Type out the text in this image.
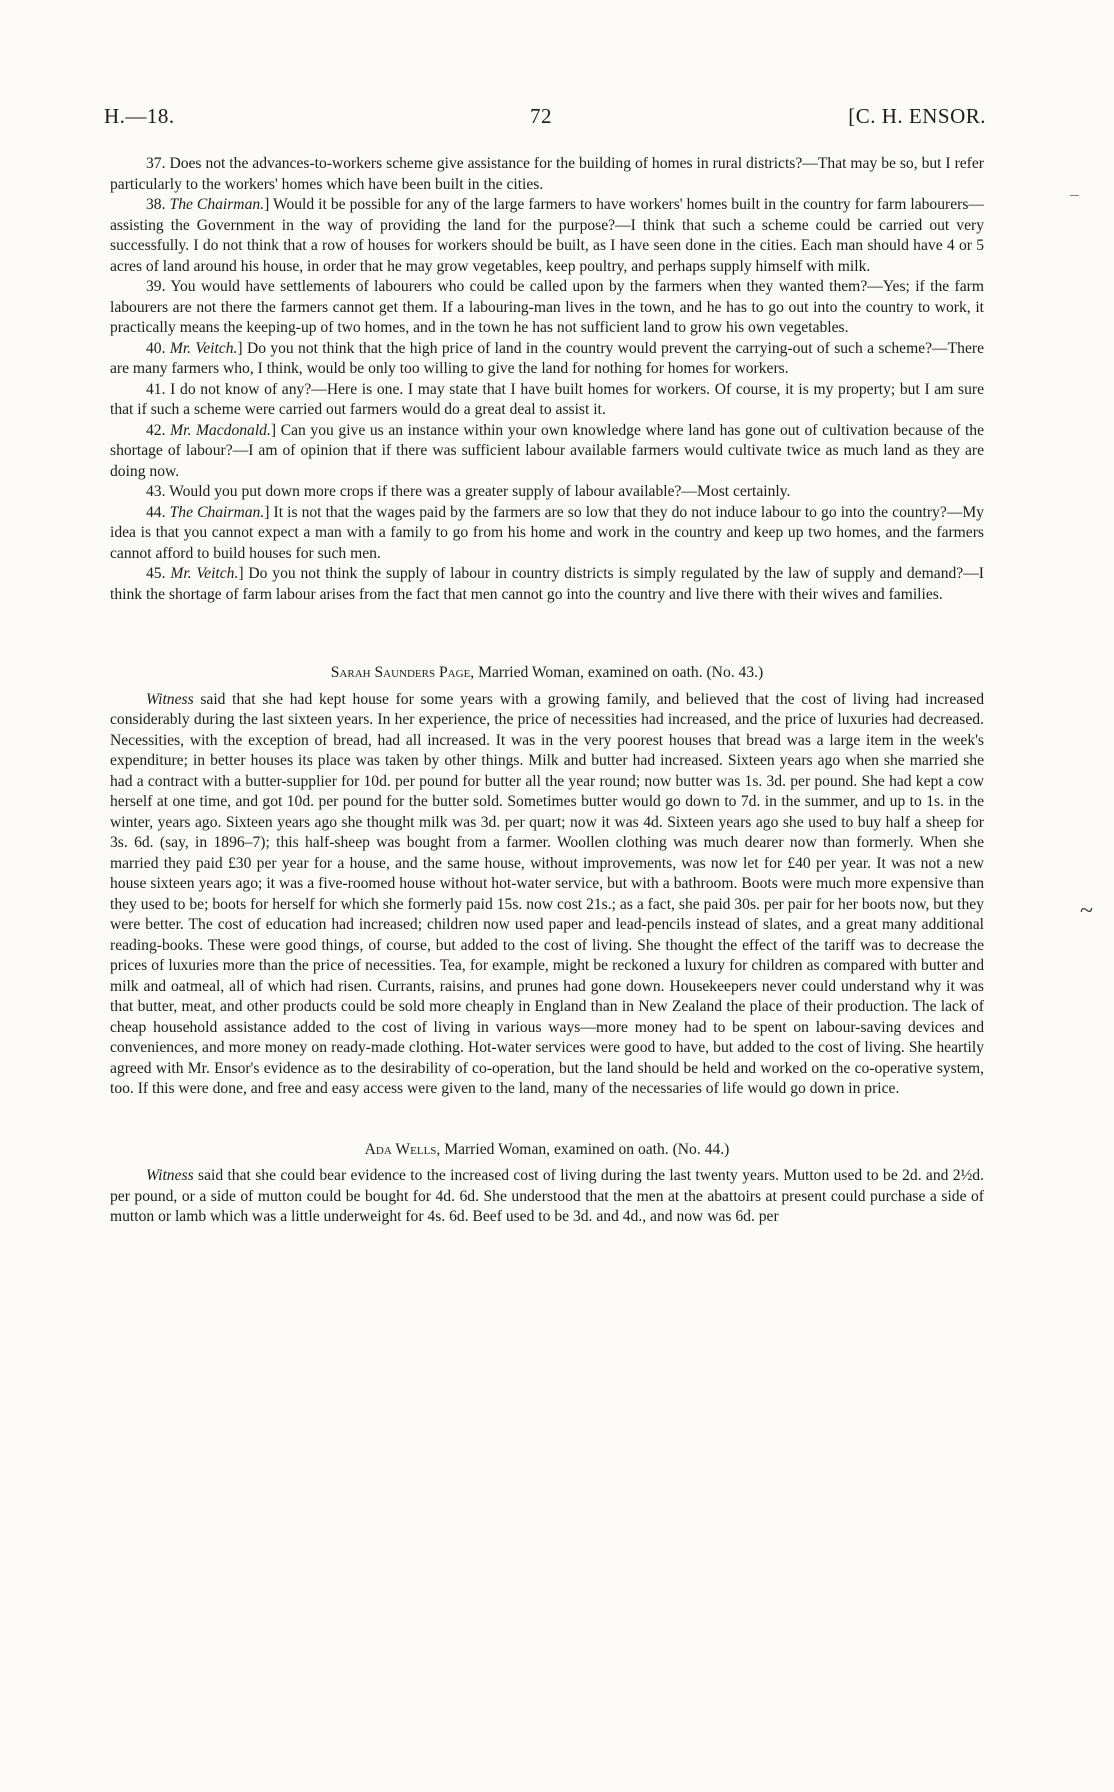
H.—18.	72	[C. H. ENSOR.
–
~

37. Does not the advances-to-workers scheme give assistance for the building of homes in rural districts?—That may be so, but I refer particularly to the workers' homes which have been built in the cities.

38. The Chairman.] Would it be possible for any of the large farmers to have workers' homes built in the country for farm labourers—assisting the Government in the way of providing the land for the purpose?—I think that such a scheme could be carried out very successfully. I do not think that a row of houses for workers should be built, as I have seen done in the cities. Each man should have 4 or 5 acres of land around his house, in order that he may grow vegetables, keep poultry, and perhaps supply himself with milk.

39. You would have settlements of labourers who could be called upon by the farmers when they wanted them?—Yes; if the farm labourers are not there the farmers cannot get them. If a labouring-man lives in the town, and he has to go out into the country to work, it practically means the keeping-up of two homes, and in the town he has not sufficient land to grow his own vegetables.

40. Mr. Veitch.] Do you not think that the high price of land in the country would prevent the carrying-out of such a scheme?—There are many farmers who, I think, would be only too willing to give the land for nothing for homes for workers.

41. I do not know of any?—Here is one. I may state that I have built homes for workers. Of course, it is my property; but I am sure that if such a scheme were carried out farmers would do a great deal to assist it.

42. Mr. Macdonald.] Can you give us an instance within your own knowledge where land has gone out of cultivation because of the shortage of labour?—I am of opinion that if there was sufficient labour available farmers would cultivate twice as much land as they are doing now.

43. Would you put down more crops if there was a greater supply of labour available?—Most certainly.

44. The Chairman.] It is not that the wages paid by the farmers are so low that they do not induce labour to go into the country?—My idea is that you cannot expect a man with a family to go from his home and work in the country and keep up two homes, and the farmers cannot afford to build houses for such men.

45. Mr. Veitch.] Do you not think the supply of labour in country districts is simply regulated by the law of supply and demand?—I think the shortage of farm labour arises from the fact that men cannot go into the country and live there with their wives and families.

Sarah Saunders Page, Married Woman, examined on oath. (No. 43.)

Witness said that she had kept house for some years with a growing family, and believed that the cost of living had increased considerably during the last sixteen years. In her experience, the price of necessities had increased, and the price of luxuries had decreased. Necessities, with the exception of bread, had all increased. It was in the very poorest houses that bread was a large item in the week's expenditure; in better houses its place was taken by other things. Milk and butter had increased. Sixteen years ago when she married she had a contract with a butter-supplier for 10d. per pound for butter all the year round; now butter was 1s. 3d. per pound. She had kept a cow herself at one time, and got 10d. per pound for the butter sold. Sometimes butter would go down to 7d. in the summer, and up to 1s. in the winter, years ago. Sixteen years ago she thought milk was 3d. per quart; now it was 4d. Sixteen years ago she used to buy half a sheep for 3s. 6d. (say, in 1896–7); this half-sheep was bought from a farmer. Woollen clothing was much dearer now than formerly. When she married they paid £30 per year for a house, and the same house, without improvements, was now let for £40 per year. It was not a new house sixteen years ago; it was a five-roomed house without hot-water service, but with a bathroom. Boots were much more expensive than they used to be; boots for herself for which she formerly paid 15s. now cost 21s.; as a fact, she paid 30s. per pair for her boots now, but they were better. The cost of education had increased; children now used paper and lead-pencils instead of slates, and a great many additional reading-books. These were good things, of course, but added to the cost of living. She thought the effect of the tariff was to decrease the prices of luxuries more than the price of necessities. Tea, for example, might be reckoned a luxury for children as compared with butter and milk and oatmeal, all of which had risen. Currants, raisins, and prunes had gone down. Housekeepers never could understand why it was that butter, meat, and other products could be sold more cheaply in England than in New Zealand the place of their production. The lack of cheap household assistance added to the cost of living in various ways—more money had to be spent on labour-saving devices and conveniences, and more money on ready-made clothing. Hot-water services were good to have, but added to the cost of living. She heartily agreed with Mr. Ensor's evidence as to the desirability of co-operation, but the land should be held and worked on the co-operative system, too. If this were done, and free and easy access were given to the land, many of the necessaries of life would go down in price.

Ada Wells, Married Woman, examined on oath. (No. 44.)

Witness said that she could bear evidence to the increased cost of living during the last twenty years. Mutton used to be 2d. and 2½d. per pound, or a side of mutton could be bought for 4d. 6d. She understood that the men at the abattoirs at present could purchase a side of mutton or lamb which was a little underweight for 4s. 6d. Beef used to be 3d. and 4d., and now was 6d. per
